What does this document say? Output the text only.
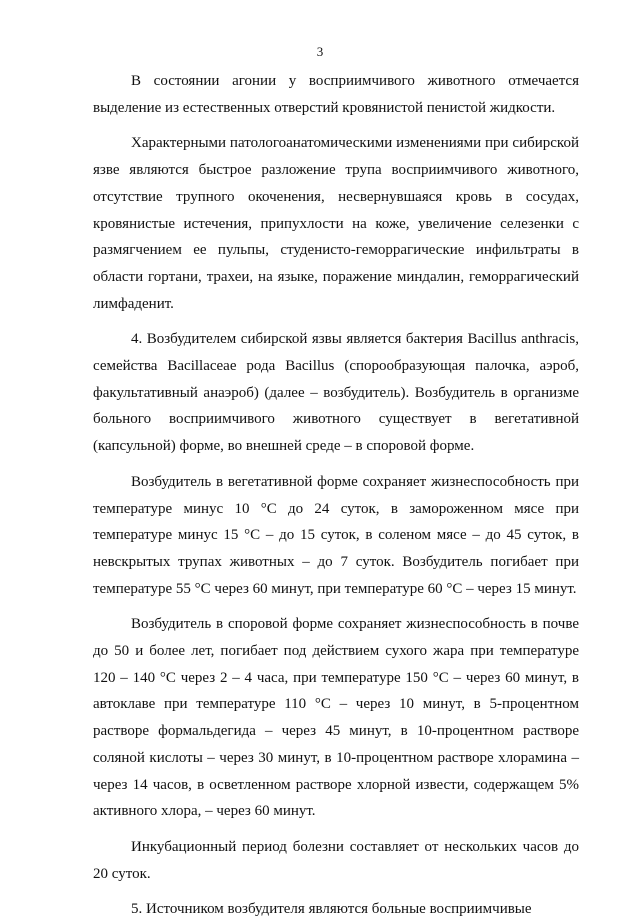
3

В состоянии агонии у восприимчивого животного отмечается выделение из естественных отверстий кровянистой пенистой жидкости.

Характерными патологоанатомическими изменениями при сибирской язве являются быстрое разложение трупа восприимчивого животного, отсутствие трупного окоченения, несвернувшаяся кровь в сосудах, кровянистые истечения, припухлости на коже, увеличение селезенки с размягчением ее пульпы, студенисто-геморрагические инфильтраты в области гортани, трахеи, на языке, поражение миндалин, геморрагический лимфаденит.

4. Возбудителем сибирской язвы является бактерия Bacillus anthracis, семейства Bacillaceae рода Bacillus (спорообразующая палочка, аэроб, факультативный анаэроб) (далее – возбудитель). Возбудитель в организме больного восприимчивого животного существует в вегетативной (капсульной) форме, во внешней среде – в споровой форме.

Возбудитель в вегетативной форме сохраняет жизнеспособность при температуре минус 10 °С до 24 суток, в замороженном мясе при температуре минус 15 °С – до 15 суток, в соленом мясе – до 45 суток, в невскрытых трупах животных – до 7 суток. Возбудитель погибает при температуре 55 °С через 60 минут, при температуре 60 °С – через 15 минут.

Возбудитель в споровой форме сохраняет жизнеспособность в почве до 50 и более лет, погибает под действием сухого жара при температуре 120 – 140 °С через 2 – 4 часа, при температуре 150 °С – через 60 минут, в автоклаве при температуре 110 °С – через 10 минут, в 5-процентном растворе формальдегида – через 45 минут, в 10-процентном растворе соляной кислоты – через 30 минут, в 10-процентном растворе хлорамина – через 14 часов, в осветленном растворе хлорной извести, содержащем 5% активного хлора, – через 60 минут.

Инкубационный период болезни составляет от нескольких часов до 20 суток.

5. Источником возбудителя являются больные восприимчивые
